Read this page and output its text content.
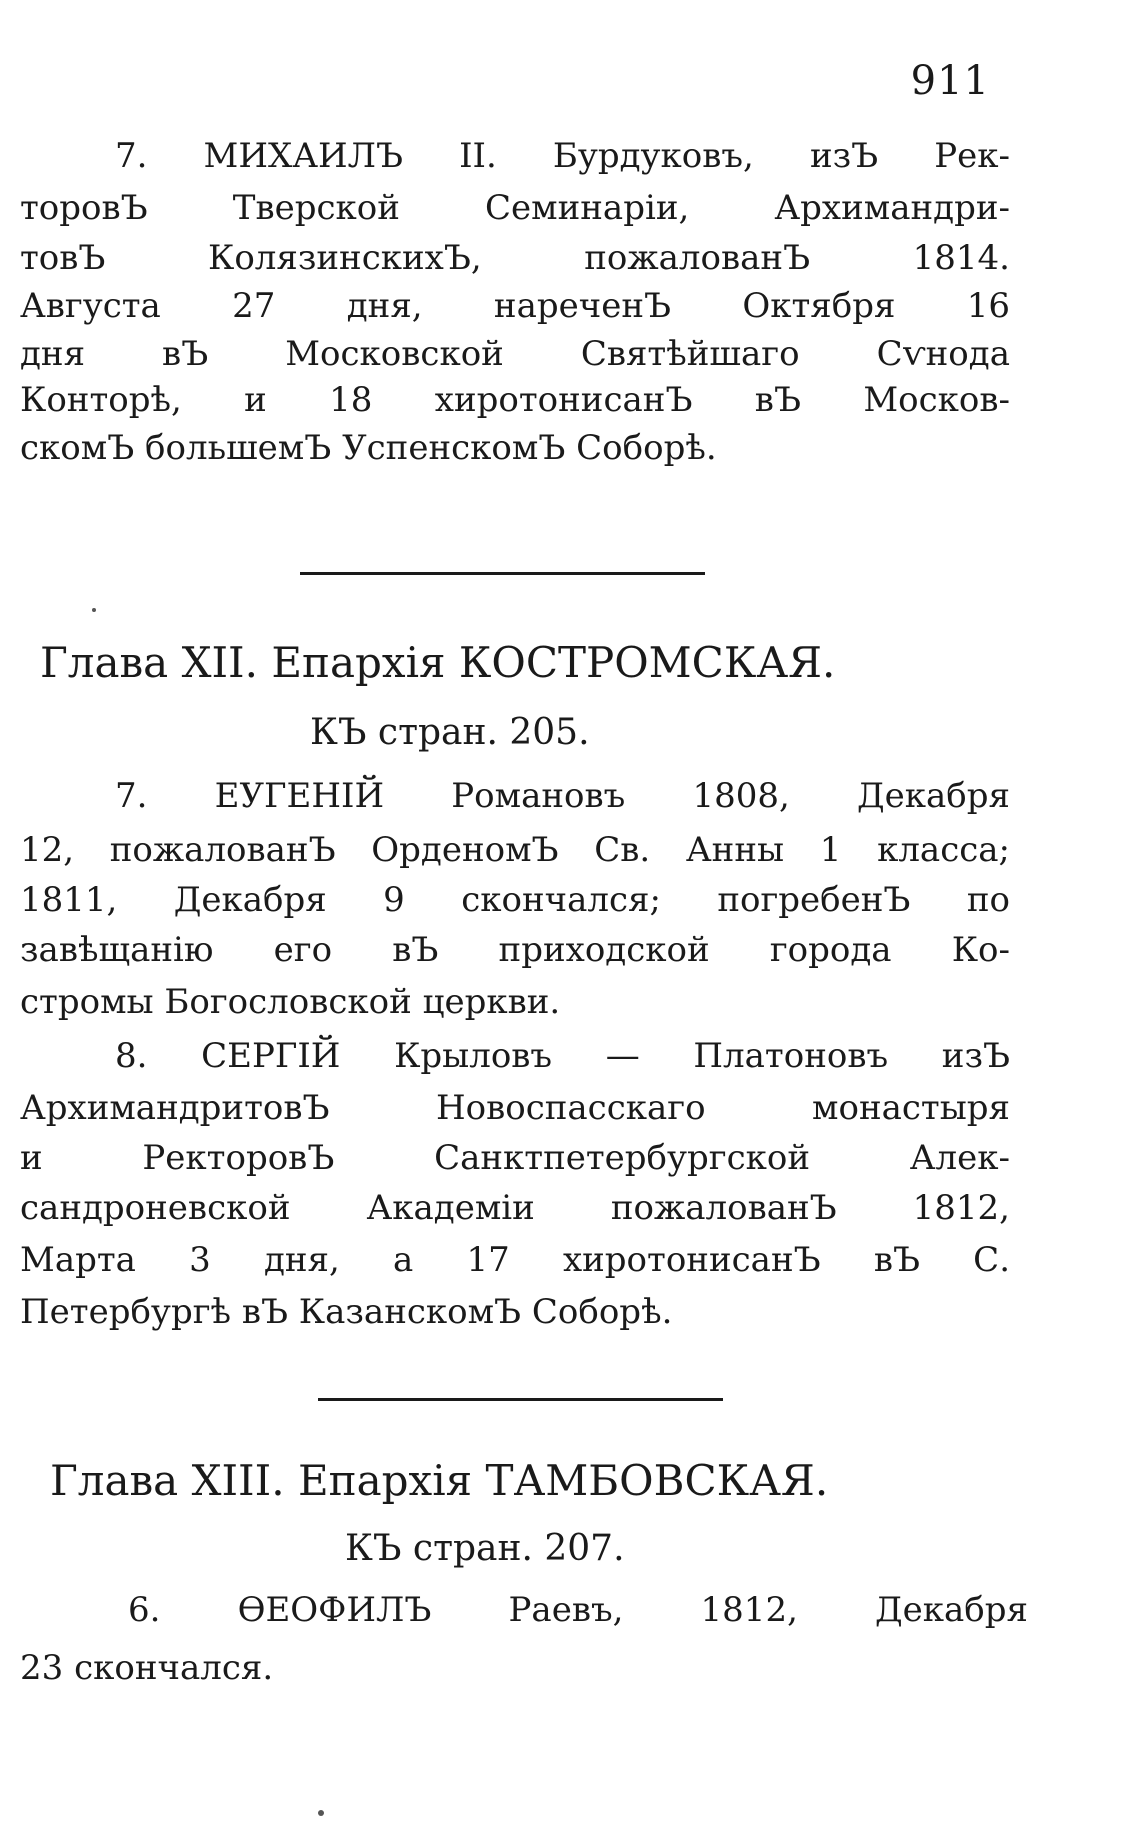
911
7. МИХАИЛЪ II. Бурдуковъ, изЪ Рек-
торовЪ Тверской Семинаріи, Архимандри-
товЪ КолязинскихЪ, пожалованЪ 1814.
Августа 27 дня, нареченЪ Октября 16
дня вЪ Московской Святѣйшаго Сѵнода
Конторѣ, и 18 хиротонисанЪ вЪ Москов-
скомЪ большемЪ УспенскомЪ Соборѣ.
Глава XII. Епархія КОСТРОМСКАЯ.
КЪ стран. 205.
7. ЕУГЕНІЙ Романовъ 1808, Декабря
12, пожалованЪ ОрденомЪ Св. Анны 1 класса;
1811, Декабря 9 скончался; погребенЪ по
завѣщанію его вЪ приходской города Ко-
стромы Богословской церкви.
8. СЕРГІЙ Крыловъ — Платоновъ изЪ
АрхимандритовЪ Новоспасскаго монастыря
и РекторовЪ Санктпетербургской Алек-
сандроневской Академіи пожалованЪ 1812,
Марта 3 дня, а 17 хиротонисанЪ вЪ С.
Петербургѣ вЪ КазанскомЪ Соборѣ.
Глава XIII. Епархія ТАМБОВСКАЯ.
КЪ стран. 207.
6. ѲЕОФИЛЪ Раевъ, 1812, Декабря
23 скончался.
